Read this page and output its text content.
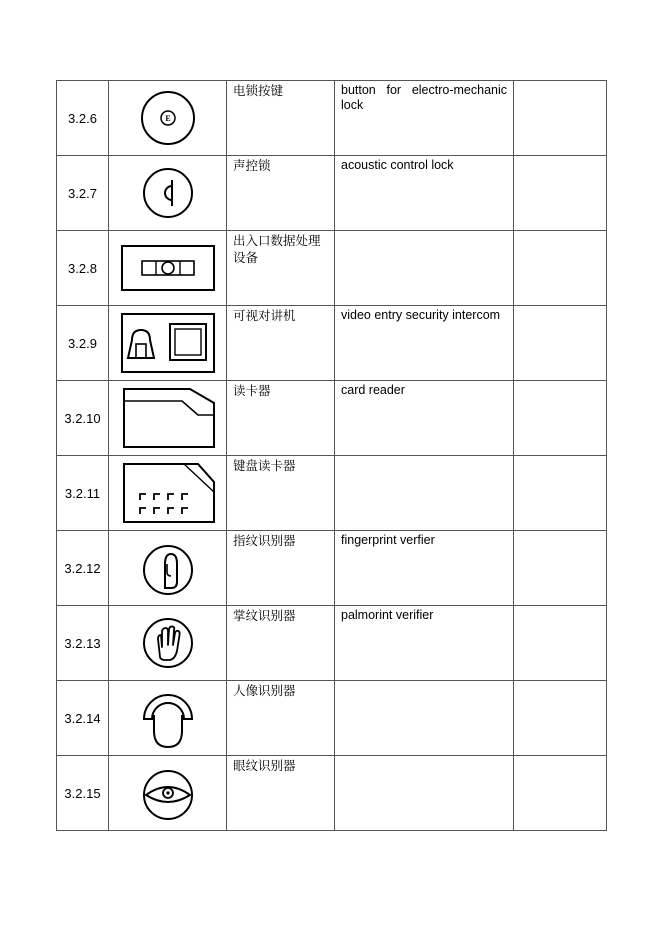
3.2.6	E	电锁按键	button for electro-mechanic lock	
3.2.7		声控锁	acoustic control lock	
3.2.8		出入口数据处理设备		
3.2.9		可视对讲机	video entry security intercom	
3.2.10		读卡器	card reader	
3.2.11		键盘读卡器		
3.2.12		指纹识别器	fingerprint verfier	
3.2.13		掌纹识别器	palmorint verifier	
3.2.14		人像识别器		
3.2.15		眼纹识别器		
